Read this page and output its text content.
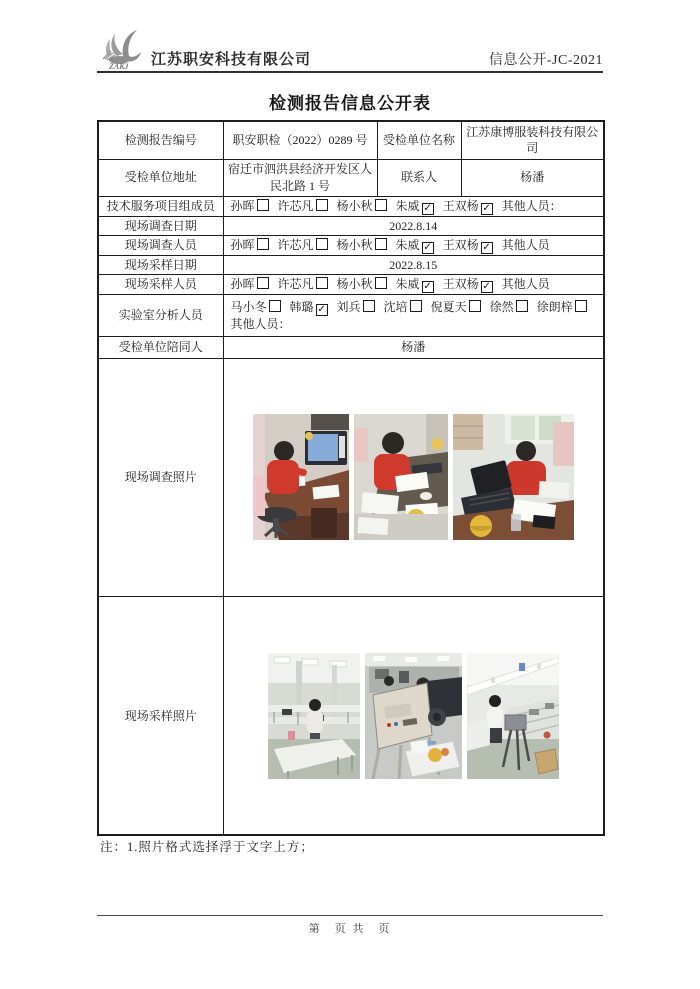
ZAKJ 江苏职安科技有限公司	信息公开-JC-2021
检测报告信息公开表
检测报告编号	职安职检（2022）0289 号	受检单位名称	江苏康博服装科技有限公司
受检单位地址	宿迁市泗洪县经济开发区人民北路 1 号	联系人	杨潘
技术服务项目组成员	孙晖 许芯凡 杨小秋 朱威 ✓ 王双杨 ✓ 其他人员：		
现场调查日期	2022.8.14		
现场调查人员	孙晖 许芯凡 杨小秋 朱威 ✓ 王双杨 ✓ 其他人员		
现场采样日期	2022.8.15		
现场采样人员	孙晖 许芯凡 杨小秋 朱威 ✓ 王双杨 ✓ 其他人员		
实验室分析人员	马小冬 韩璐 ✓ 刘兵 沈培 倪夏天 徐然 徐朗梓
其他人员：		

受检单位陪同人	杨潘		
现场调查照片	

现场采样照片	
注：1.照片格式选择浮于文字上方；
第　页 共　页
